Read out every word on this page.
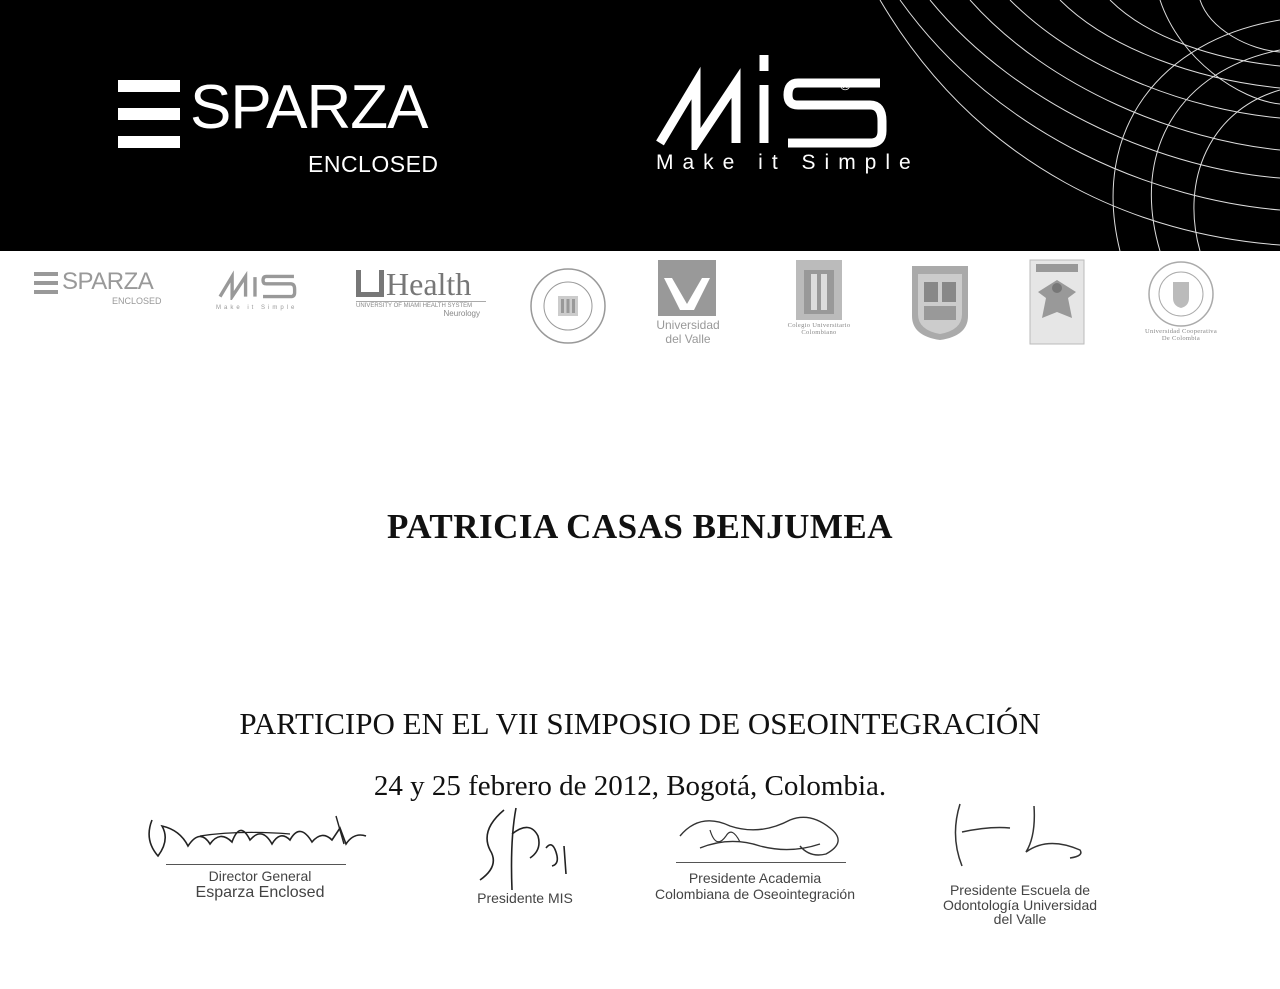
SPARZA
ENCLOSED
®
Make it Simple
SPARZA
ENCLOSED
Make it Simple
Health
UNIVERSITY OF MIAMI HEALTH SYSTEM
Neurology
Universidad
del Valle
Colegio Universitario
Colombiano	Universidad Cooperativa
De Colombia
PATRICIA CASAS BENJUMEA
PARTICIPO EN EL VII SIMPOSIO DE OSEOINTEGRACIÓN
24 y 25 febrero de 2012, Bogotá, Colombia.
Director General
Esparza Enclosed	Presidente MIS
Presidente Academia
Colombiana de Oseointegración	Presidente Escuela de
Odontología Universidad
del Valle
